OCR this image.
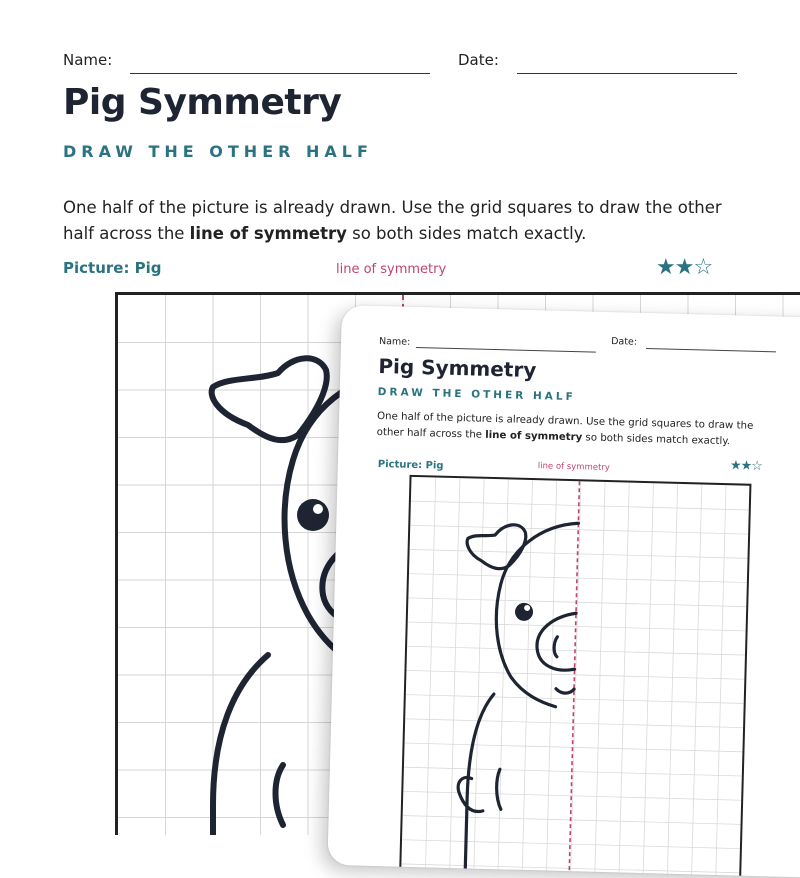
Name:	Date:
Pig Symmetry
DRAW THE OTHER HALF
One half of the picture is already drawn. Use the grid squares to draw the other half across the line of symmetry so both sides match exactly.
Picture: Pig	line of symmetry	★★☆
Name:	Date:
Pig Symmetry
DRAW THE OTHER HALF
One half of the picture is already drawn. Use the grid squares to draw the other half across the line of symmetry so both sides match exactly.
Picture: Pig	line of symmetry	★★☆
